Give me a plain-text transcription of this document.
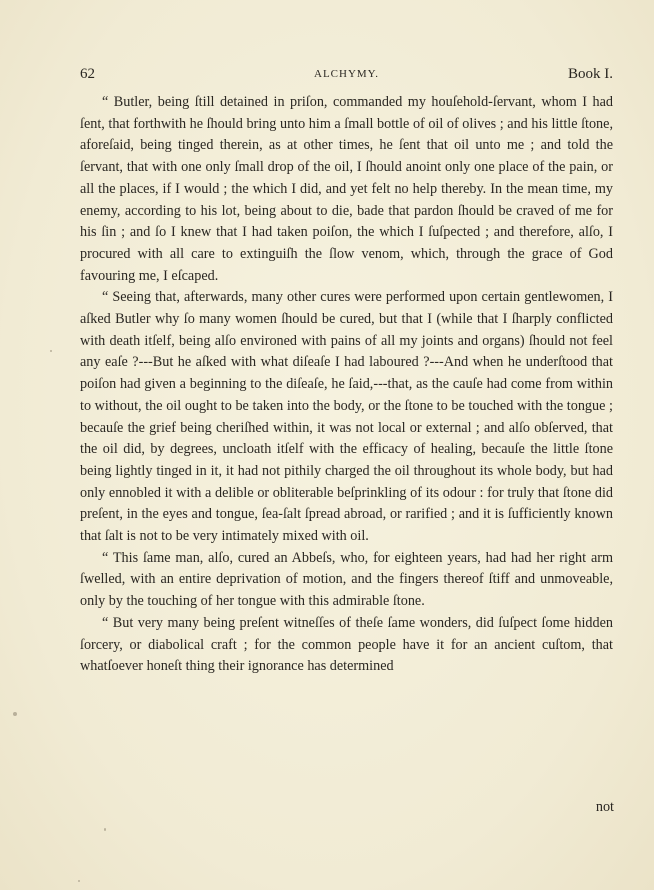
62	ALCHYMY.	Book I.

“ Butler, being ſtill detained in priſon, commanded my houſehold-ſervant, whom I had ſent, that forthwith he ſhould bring unto him a ſmall bottle of oil of olives ; and his little ſtone, aforeſaid, being tinged therein, as at other times, he ſent that oil unto me ; and told the ſervant, that with one only ſmall drop of the oil, I ſhould anoint only one place of the pain, or all the places, if I would ; the which I did, and yet felt no help thereby. In the mean time, my enemy, according to his lot, being about to die, bade that pardon ſhould be craved of me for his ſin ; and ſo I knew that I had taken poiſon, the which I ſuſpected ; and therefore, alſo, I procured with all care to extinguiſh the ſlow venom, which, through the grace of God favouring me, I eſcaped.

“ Seeing that, afterwards, many other cures were performed upon certain gentlewomen, I aſked Butler why ſo many women ſhould be cured, but that I (while that I ſharply conflicted with death itſelf, being alſo environed with pains of all my joints and organs) ſhould not feel any eaſe ?---But he aſked with what diſeaſe I had laboured ?---And when he underſtood that poiſon had given a beginning to the diſeaſe, he ſaid,---that, as the cauſe had come from within to without, the oil ought to be taken into the body, or the ſtone to be touched with the tongue ; becauſe the grief being cheriſhed within, it was not local or external ; and alſo obſerved, that the oil did, by degrees, uncloath itſelf with the efficacy of healing, becauſe the little ſtone being lightly tinged in it, it had not pithily charged the oil throughout its whole body, but had only ennobled it with a delible or obliterable beſprinkling of its odour : for truly that ſtone did preſent, in the eyes and tongue, ſea-ſalt ſpread abroad, or rarified ; and it is ſufficiently known that ſalt is not to be very intimately mixed with oil.

“ This ſame man, alſo, cured an Abbeſs, who, for eighteen years, had had her right arm ſwelled, with an entire deprivation of motion, and the fingers thereof ſtiff and unmoveable, only by the touching of her tongue with this admirable ſtone.

“ But very many being preſent witneſſes of theſe ſame wonders, did ſuſpect ſome hidden ſorcery, or diabolical craft ; for the common people have it for an ancient cuſtom, that whatſoever honeſt thing their ignorance has determined

not
